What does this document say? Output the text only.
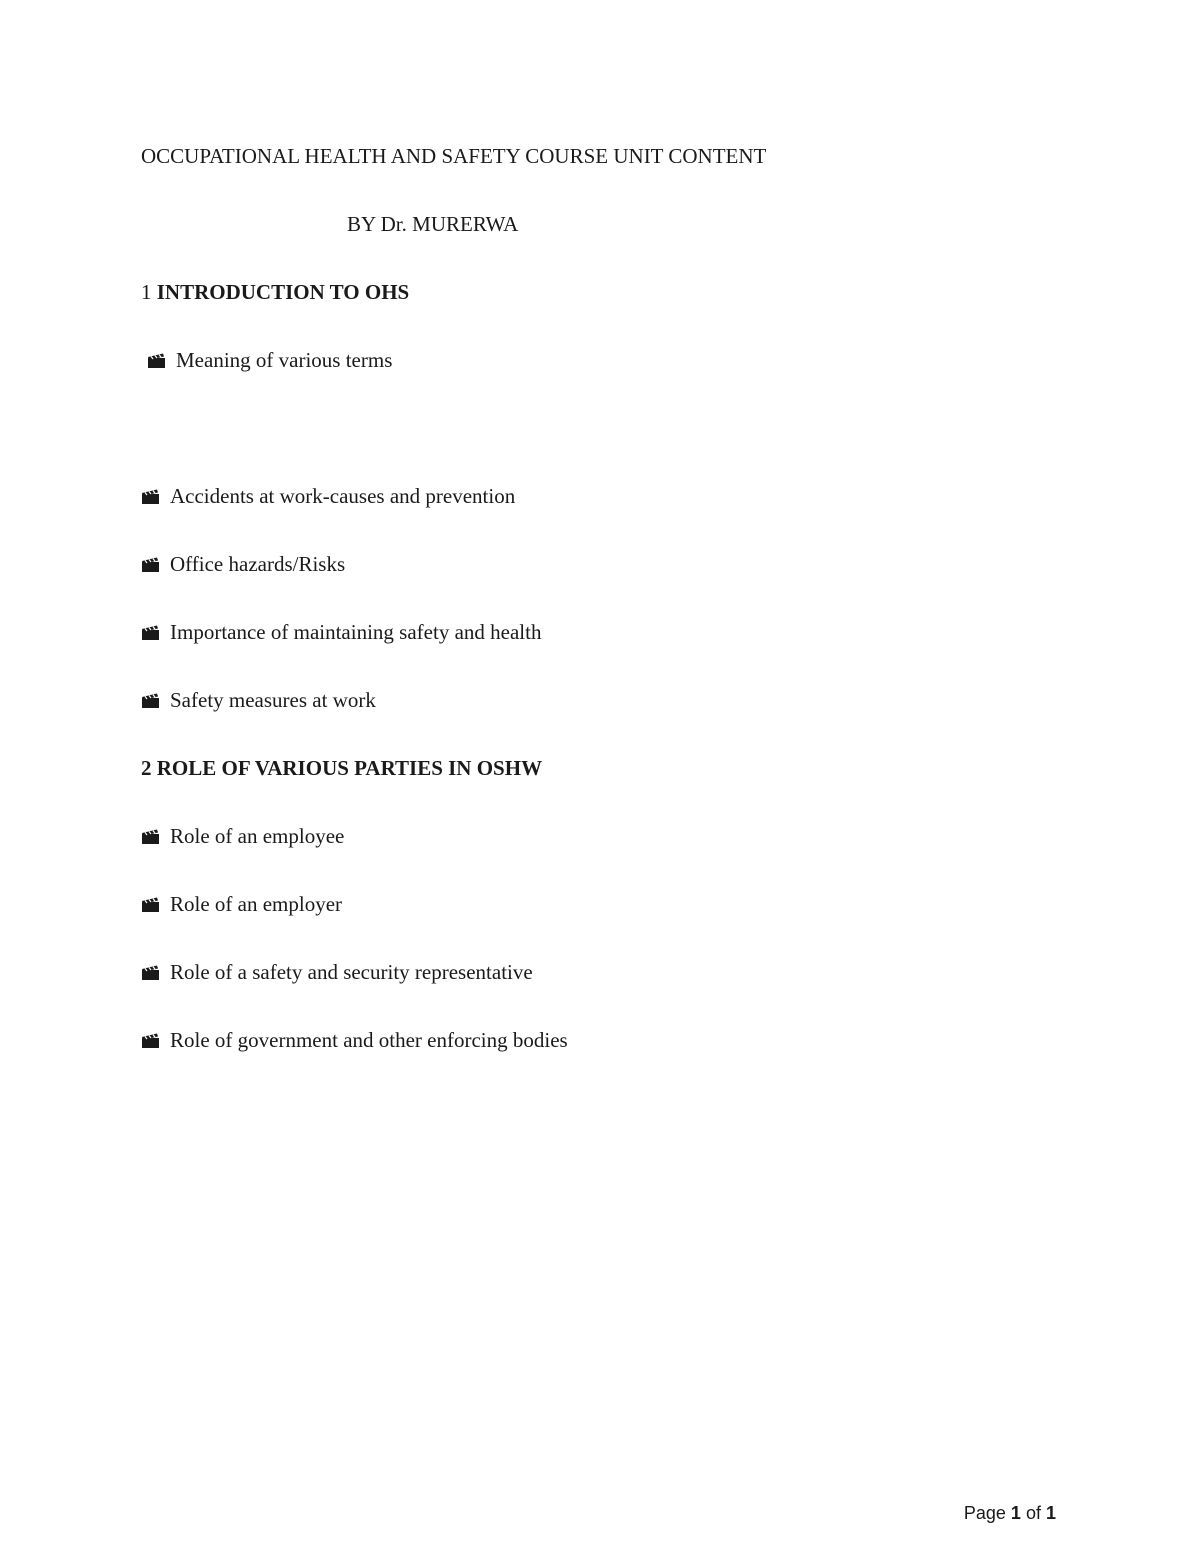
OCCUPATIONAL HEALTH AND SAFETY COURSE UNIT CONTENT
BY Dr. MURERWA
1 INTRODUCTION TO OHS
Meaning of various terms
Accidents at work-causes and prevention
Office hazards/Risks
Importance of maintaining safety and health
Safety measures at work
2 ROLE OF VARIOUS PARTIES IN OSHW
Role of an employee
Role of an employer
Role of a safety and security representative
Role of government and other enforcing bodies
Page 1 of 1
